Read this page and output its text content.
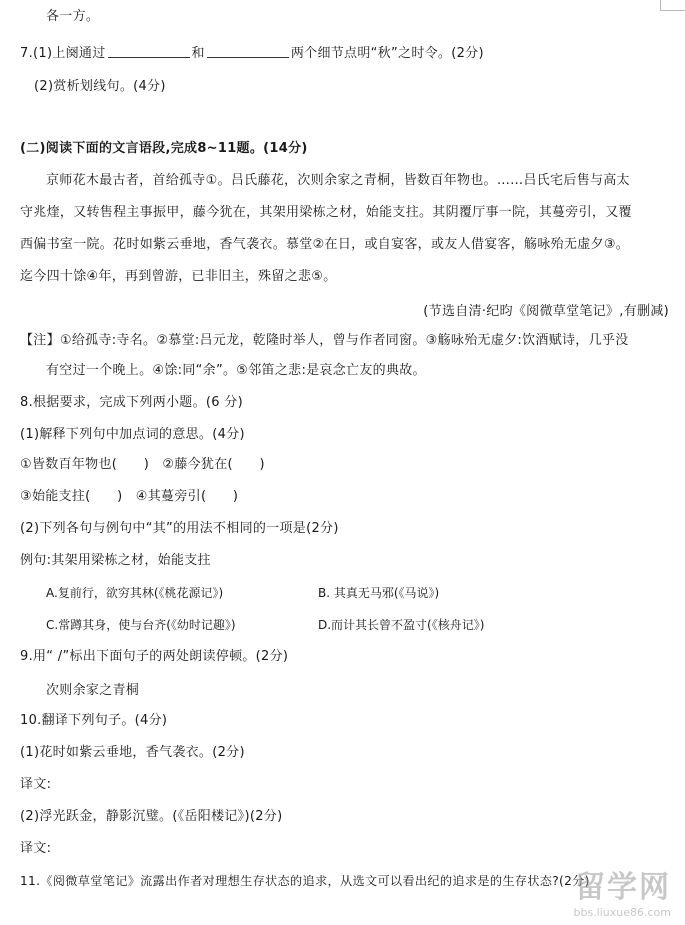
各一方。
7.(1)上阕通过	和	两个细节点明“秋”之时令。(2分)
(2)赏析划线句。(4分)
(二)阅读下面的文言语段,完成8~11题。(14分)
京师花木最古者，首给孤寺①。吕氏藤花，次则余家之青桐，皆数百年物也。……吕氏宅后售与高太
守兆煃，又转售程主事振甲，藤今犹在，其架用梁栋之材，始能支拄。其阴覆厅事一院，其蔓旁引，又覆
西偏书室一院。花时如紫云垂地，香气袭衣。慕堂②在日，或自宴客，或友人借宴客，觞咏殆无虚夕③。
迄今四十馀④年，再到曾游，已非旧主，殊留之悲⑤。
(节选自清·纪昀《阅微草堂笔记》,有删减)
【注】①给孤寺:寺名。②慕堂:吕元龙，乾隆时举人，曾与作者同窗。③觞咏殆无虚夕:饮酒赋诗，几乎没
有空过一个晚上。④馀:同“余”。⑤邻笛之悲:是哀念亡友的典故。
8.根据要求，完成下列两小题。(6 分)
(1)解释下列句中加点词的意思。(4分)
①皆数百年物也(　　)　②藤今犹在(　　)
③始能支拄(　　)　④其蔓旁引(　　)
(2)下列各句与例句中“其”的用法不相同的一项是(2分)
例句:其架用梁栋之材，始能支拄
A.复前行，欲穷其林(《桃花源记》)	B. 其真无马邪(《马说》)
C.常蹲其身，使与台齐(《幼时记趣》)	D.而计其长曾不盈寸(《核舟记》)
9.用“ /”标出下面句子的两处朗读停顿。(2分)
次则余家之青桐
10.翻译下列句子。(4分)
(1)花时如紫云垂地，香气袭衣。(2分)
译文:
(2)浮光跃金，静影沉璧。(《岳阳楼记》)(2分)
译文:
11.《阅微草堂笔记》流露出作者对理想生存状态的追求，从选文可以看出纪的追求是的生存状态?(2分)
留学网
bbs.liuxue86.com
